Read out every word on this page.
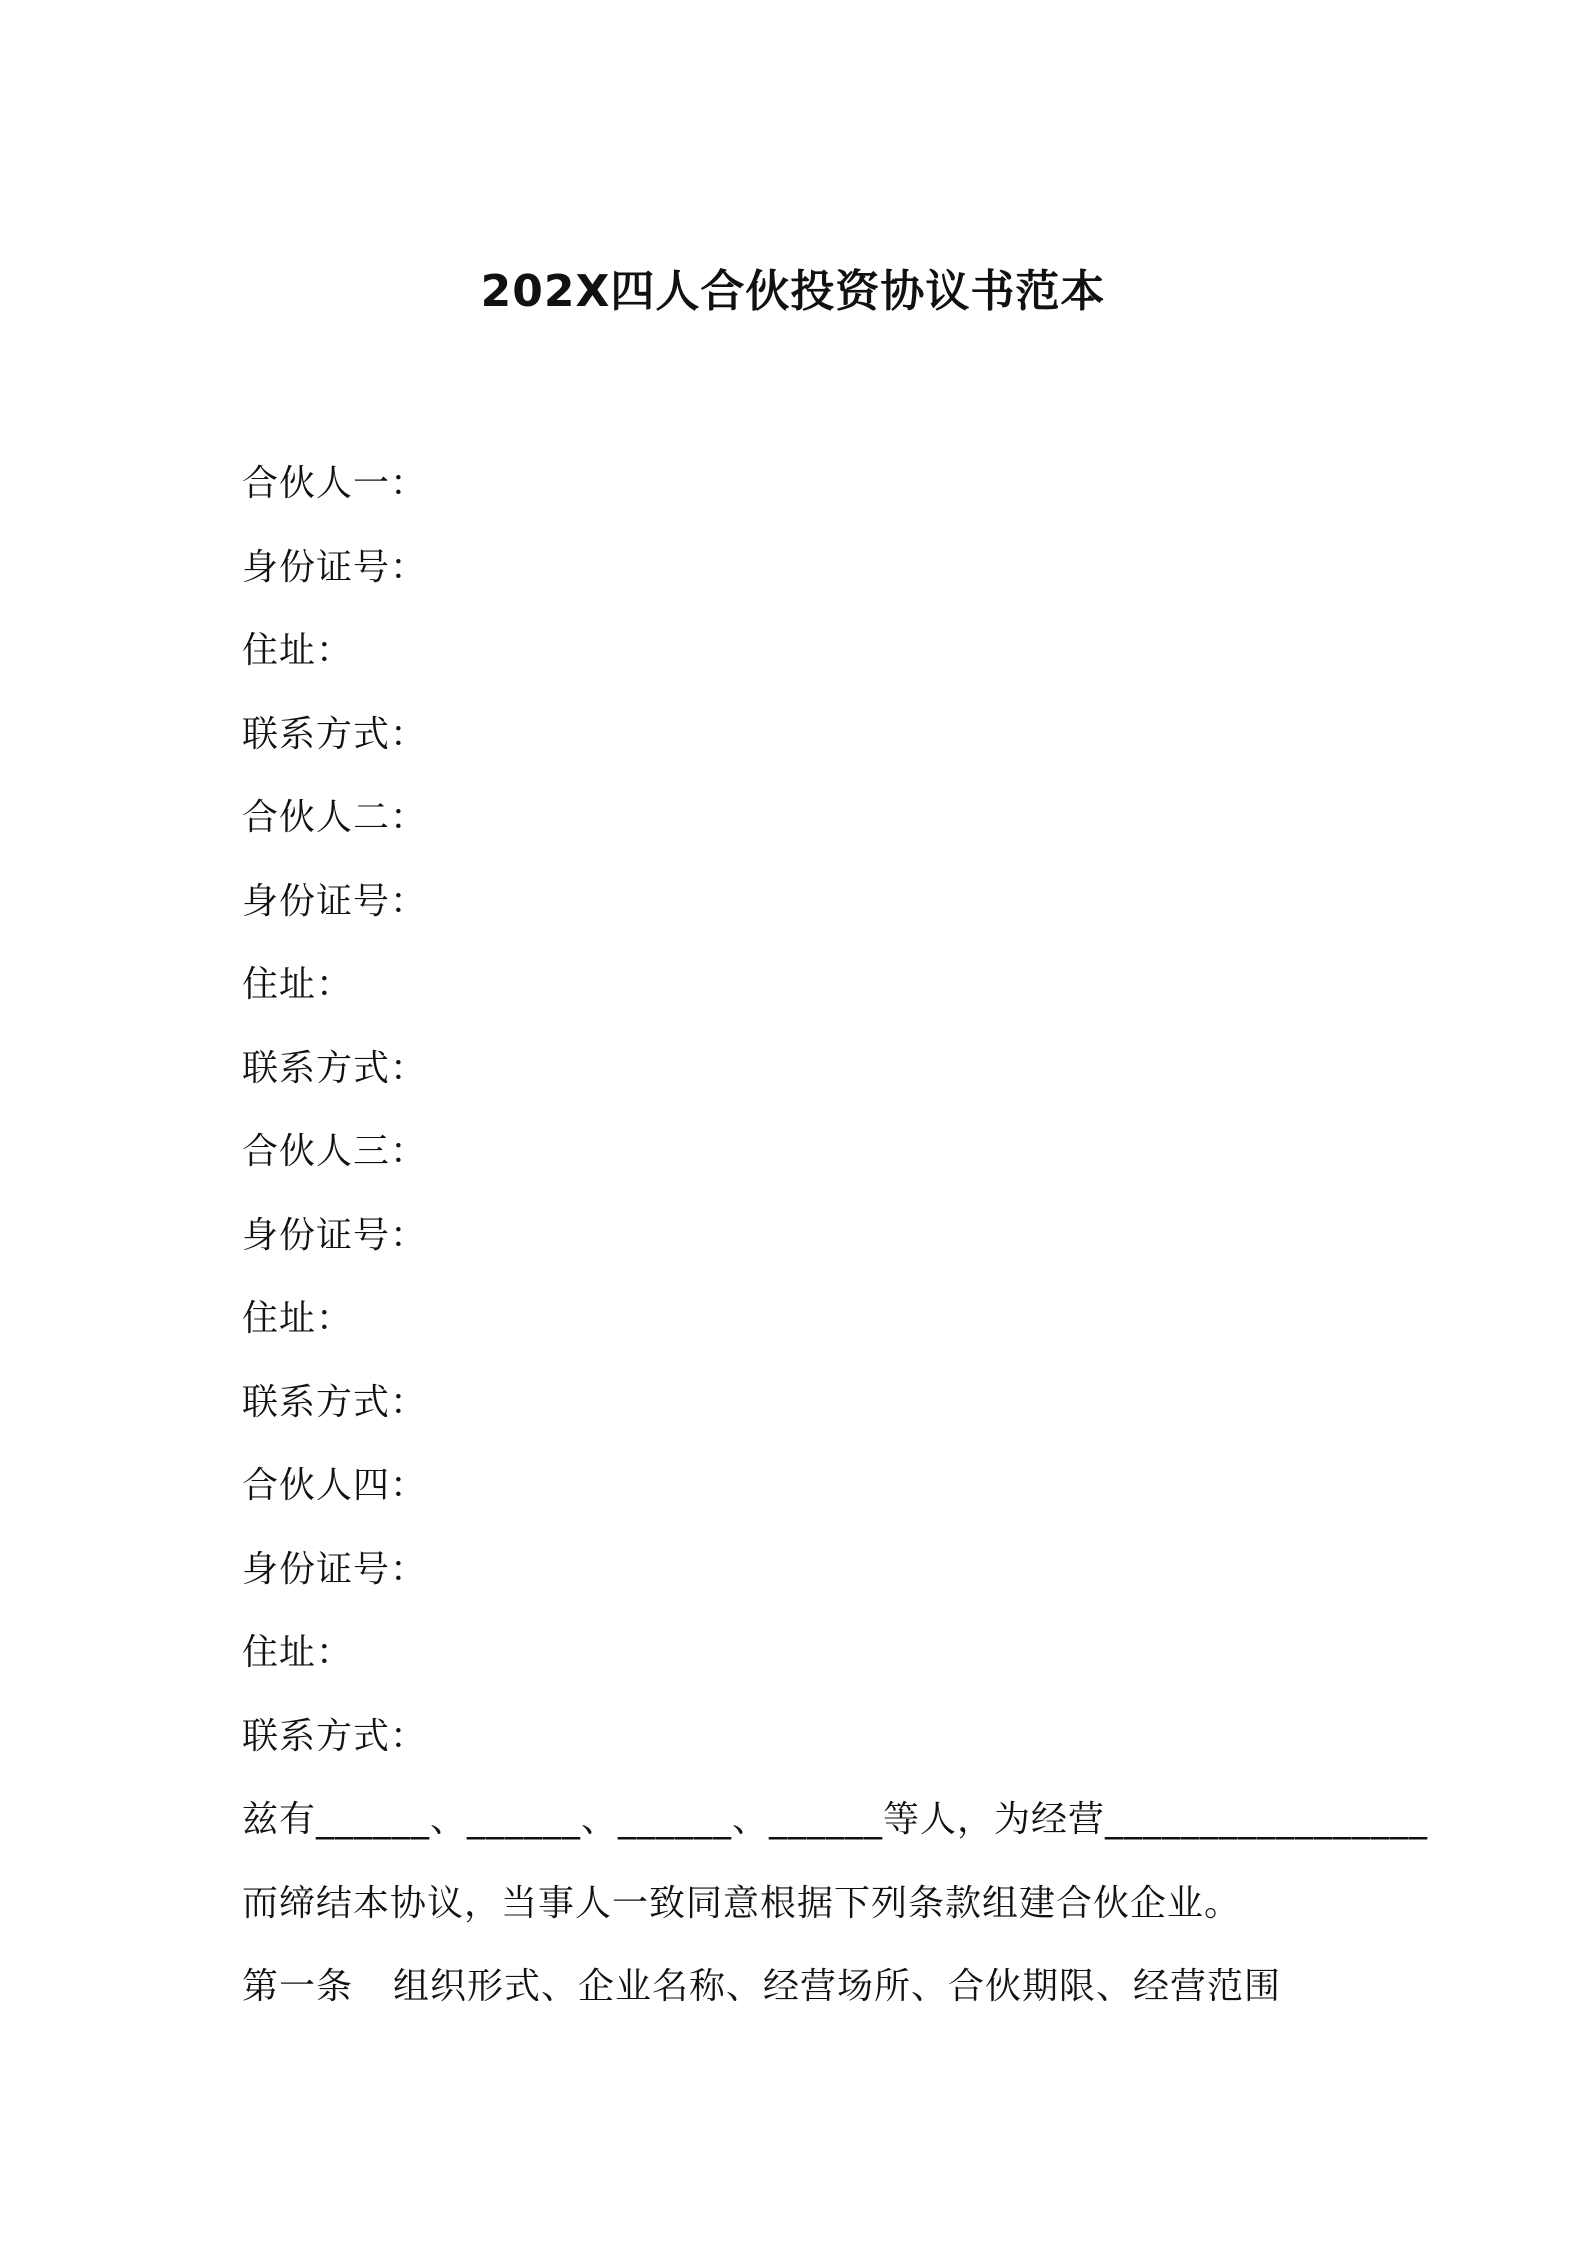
202X四人合伙投资协议书范本
合伙人一：
身份证号：
住址：
联系方式：
合伙人二：
身份证号：
住址：
联系方式：
合伙人三：
身份证号：
住址：
联系方式：
合伙人四：
身份证号：
住址：
联系方式：
兹有______、______、______、______等人，为经营_________________
而缔结本协议，当事人一致同意根据下列条款组建合伙企业。
第一条 组织形式、企业名称、经营场所、合伙期限、经营范围
